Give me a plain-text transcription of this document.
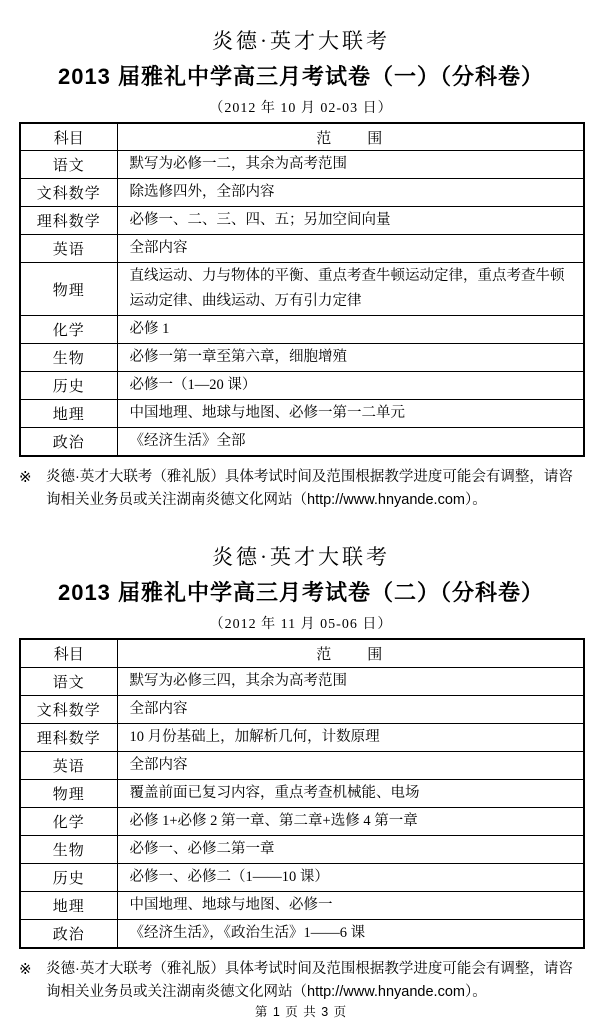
炎德·英才大联考
2013 届雅礼中学高三月考试卷（一）（分科卷）
（2012 年 10 月 02-03 日）
科目	范　　围
语文	默写为必修一二，其余为高考范围
文科数学	除选修四外，全部内容
理科数学	必修一、二、三、四、五；另加空间向量
英语	全部内容
物理	直线运动、力与物体的平衡、重点考查牛顿运动定律，重点考查牛顿运动定律、曲线运动、万有引力定律
化学	必修 1
生物	必修一第一章至第六章，细胞增殖
历史	必修一（1—20 课）
地理	中国地理、地球与地图、必修一第一二单元
政治	《经济生活》全部
※ 炎德·英才大联考（雅礼版）具体考试时间及范围根据教学进度可能会有调整，请咨询相关业务员或关注湖南炎德文化网站（http://www.hnyande.com）。
炎德·英才大联考
2013 届雅礼中学高三月考试卷（二）（分科卷）
（2012 年 11 月 05-06 日）
科目	范　　围
语文	默写为必修三四，其余为高考范围
文科数学	全部内容
理科数学	10 月份基础上，加解析几何，计数原理
英语	全部内容
物理	覆盖前面已复习内容，重点考查机械能、电场
化学	必修 1+必修 2 第一章、第二章+选修 4 第一章
生物	必修一、必修二第一章
历史	必修一、必修二（1——10 课）
地理	中国地理、地球与地图、必修一
政治	《经济生活》，《政治生活》1——6 课
※ 炎德·英才大联考（雅礼版）具体考试时间及范围根据教学进度可能会有调整，请咨询相关业务员或关注湖南炎德文化网站（http://www.hnyande.com）。
第 1 页 共 3 页
